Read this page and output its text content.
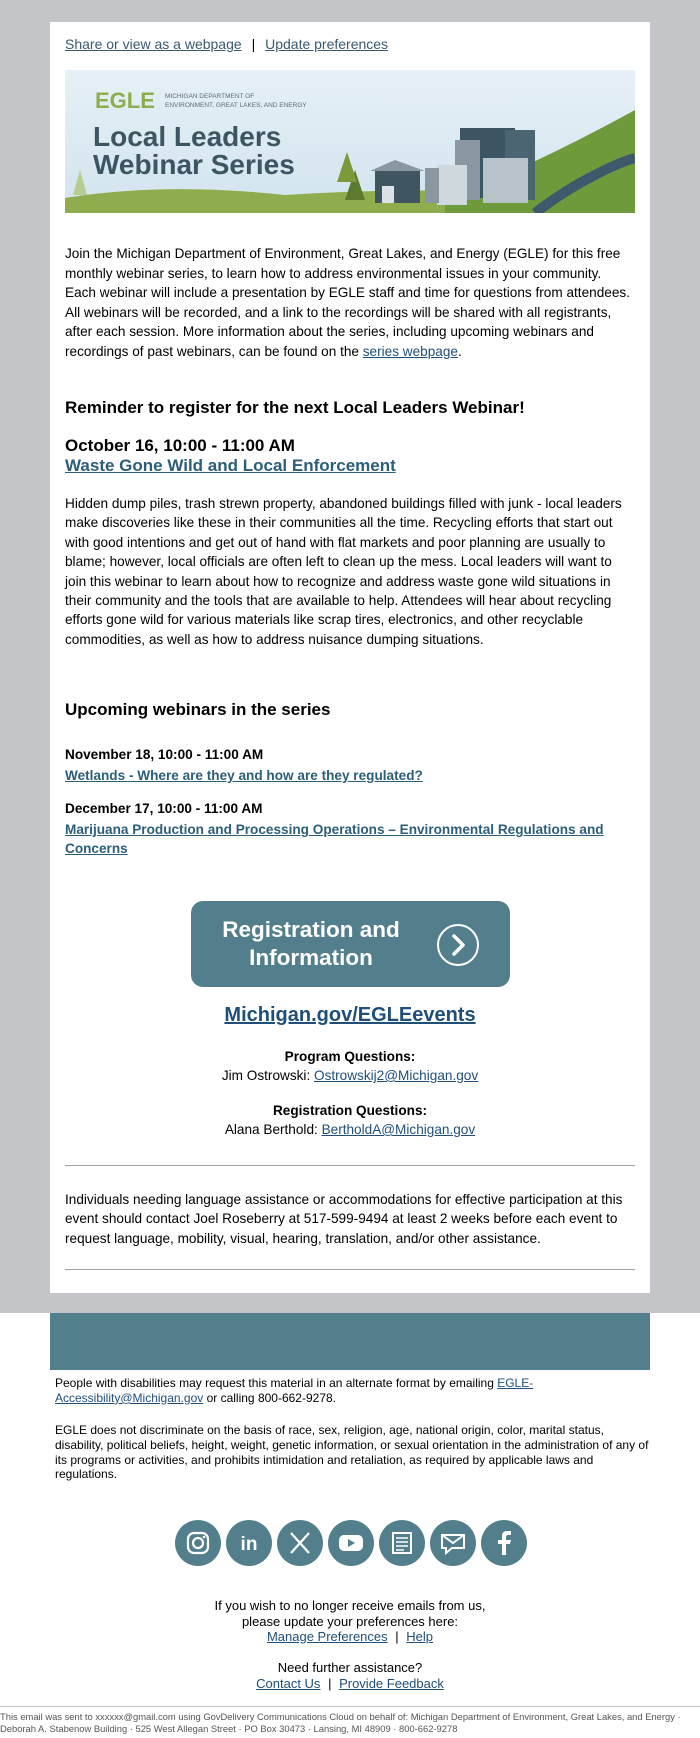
Share or view as a webpage | Update preferences
EGLE MICHIGAN DEPARTMENT OF
ENVIRONMENT, GREAT LAKES, AND ENERGY
Local Leaders
Webinar Series
Join the Michigan Department of Environment, Great Lakes, and Energy (EGLE) for this free monthly webinar series, to learn how to address environmental issues in your community. Each webinar will include a presentation by EGLE staff and time for questions from attendees. All webinars will be recorded, and a link to the recordings will be shared with all registrants, after each session. More information about the series, including upcoming webinars and recordings of past webinars, can be found on the series webpage.
Reminder to register for the next Local Leaders Webinar!
October 16, 10:00 - 11:00 AM
Waste Gone Wild and Local Enforcement
Hidden dump piles, trash strewn property, abandoned buildings filled with junk - local leaders make discoveries like these in their communities all the time. Recycling efforts that start out with good intentions and get out of hand with flat markets and poor planning are usually to blame; however, local officials are often left to clean up the mess. Local leaders will want to join this webinar to learn about how to recognize and address waste gone wild situations in their community and the tools that are available to help. Attendees will hear about recycling efforts gone wild for various materials like scrap tires, electronics, and other recyclable commodities, as well as how to address nuisance dumping situations.
Upcoming webinars in the series
November 18, 10:00 - 11:00 AM
Wetlands - Where are they and how are they regulated?
December 17, 10:00 - 11:00 AM
Marijuana Production and Processing Operations – Environmental Regulations and Concerns
Registration and
Information
Michigan.gov/EGLEevents
Program Questions:
Jim Ostrowski: Ostrowskij2@Michigan.gov
Registration Questions:
Alana Berthold: BertholdA@Michigan.gov
Individuals needing language assistance or accommodations for effective participation at this event should contact Joel Roseberry at 517-599-9494 at least 2 weeks before each event to request language, mobility, visual, hearing, translation, and/or other assistance.
People with disabilities may request this material in an alternate format by emailing EGLE-Accessibility@Michigan.gov or calling 800-662-9278.
EGLE does not discriminate on the basis of race, sex, religion, age, national origin, color, marital status, disability, political beliefs, height, weight, genetic information, or sexual orientation in the administration of any of its programs or activities, and prohibits intimidation and retaliation, as required by applicable laws and regulations.
in
If you wish to no longer receive emails from us,
please update your preferences here:
Manage Preferences | Help
Need further assistance?
Contact Us | Provide Feedback
This email was sent to xxxxxx@gmail.com using GovDelivery Communications Cloud on behalf of: Michigan Department of Environment, Great Lakes, and Energy · Deborah A. Stabenow Building · 525 West Allegan Street · PO Box 30473 · Lansing, MI 48909 · 800-662-9278
